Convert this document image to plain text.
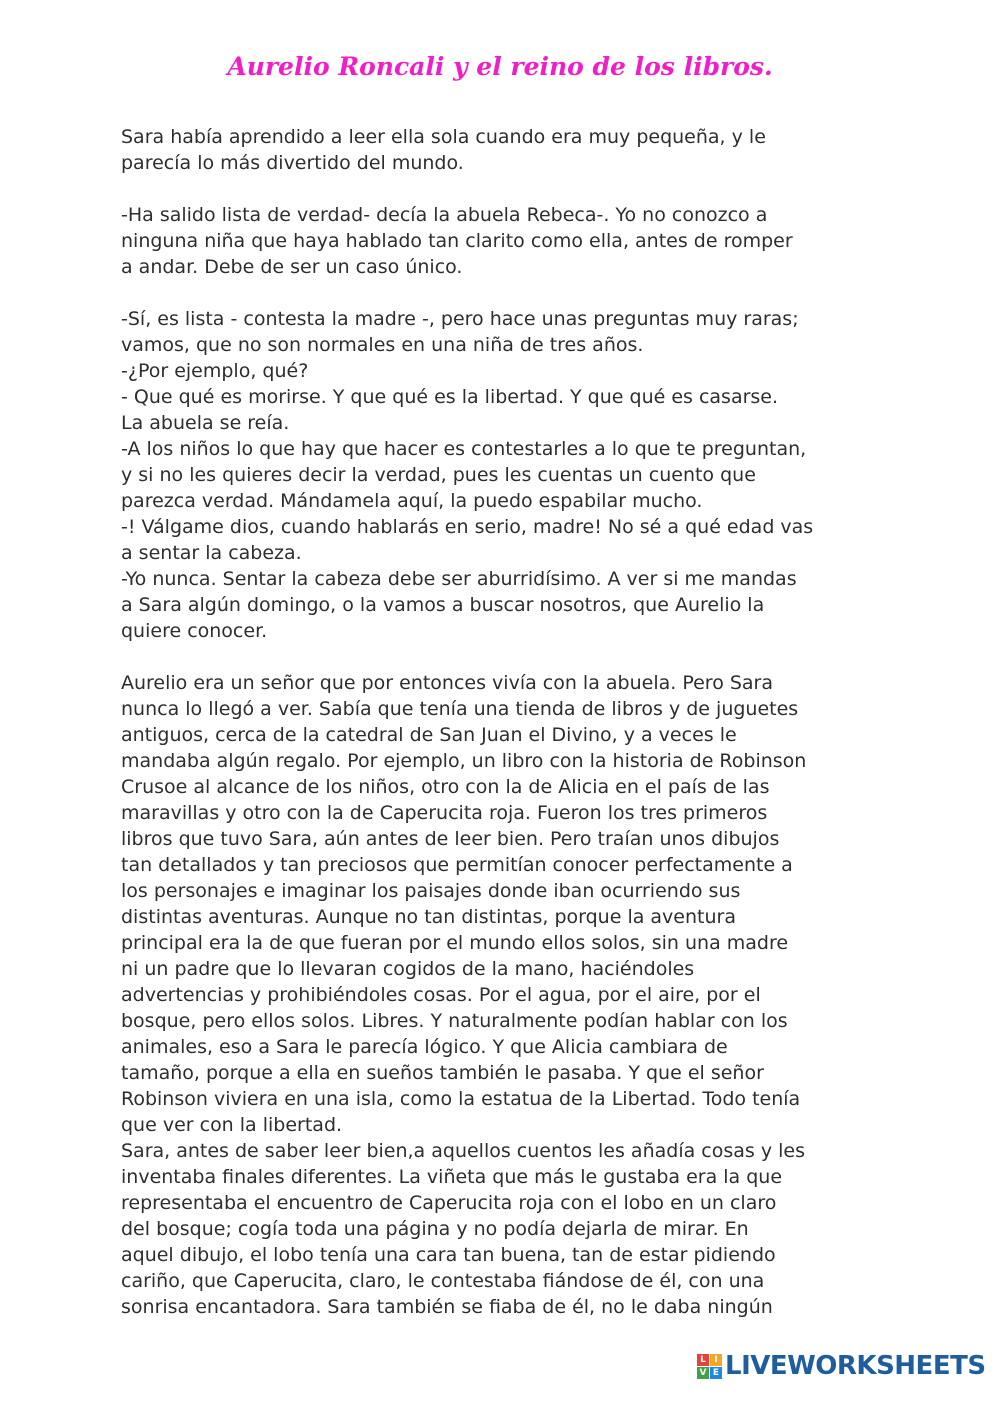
Aurelio Roncali y el reino de los libros.
Sara había aprendido a leer ella sola cuando era muy pequeña, y le
parecía lo más divertido del mundo.
-Ha salido lista de verdad- decía la abuela Rebeca-. Yo no conozco a
ninguna niña que haya hablado tan clarito como ella, antes de romper
a andar. Debe de ser un caso único.
-Sí, es lista - contesta la madre -, pero hace unas preguntas muy raras;
vamos, que no son normales en una niña de tres años.
-¿Por ejemplo, qué?
- Que qué es morirse. Y que qué es la libertad. Y que qué es casarse.
La abuela se reía.
-A los niños lo que hay que hacer es contestarles a lo que te preguntan,
y si no les quieres decir la verdad, pues les cuentas un cuento que
parezca verdad. Mándamela aquí, la puedo espabilar mucho.
-! Válgame dios, cuando hablarás en serio, madre! No sé a qué edad vas
a sentar la cabeza.
-Yo nunca. Sentar la cabeza debe ser aburridísimo. A ver si me mandas
a Sara algún domingo, o la vamos a buscar nosotros, que Aurelio la
quiere conocer.
Aurelio era un señor que por entonces vivía con la abuela. Pero Sara
nunca lo llegó a ver. Sabía que tenía una tienda de libros y de juguetes
antiguos, cerca de la catedral de San Juan el Divino, y a veces le
mandaba algún regalo. Por ejemplo, un libro con la historia de Robinson
Crusoe al alcance de los niños, otro con la de Alicia en el país de las
maravillas y otro con la de Caperucita roja. Fueron los tres primeros
libros que tuvo Sara, aún antes de leer bien. Pero traían unos dibujos
tan detallados y tan preciosos que permitían conocer perfectamente a
los personajes e imaginar los paisajes donde iban ocurriendo sus
distintas aventuras. Aunque no tan distintas, porque la aventura
principal era la de que fueran por el mundo ellos solos, sin una madre
ni un padre que lo llevaran cogidos de la mano, haciéndoles
advertencias y prohibiéndoles cosas. Por el agua, por el aire, por el
bosque, pero ellos solos. Libres. Y naturalmente podían hablar con los
animales, eso a Sara le parecía lógico. Y que Alicia cambiara de
tamaño, porque a ella en sueños también le pasaba. Y que el señor
Robinson viviera en una isla, como la estatua de la Libertad. Todo tenía
que ver con la libertad.
Sara, antes de saber leer bien,a aquellos cuentos les añadía cosas y les
inventaba finales diferentes. La viñeta que más le gustaba era la que
representaba el encuentro de Caperucita roja con el lobo en un claro
del bosque; cogía toda una página y no podía dejarla de mirar. En
aquel dibujo, el lobo tenía una cara tan buena, tan de estar pidiendo
cariño, que Caperucita, claro, le contestaba fiándose de él, con una
sonrisa encantadora. Sara también se fiaba de él, no le daba ningún
L I
V E LIVEWORKSHEETS
